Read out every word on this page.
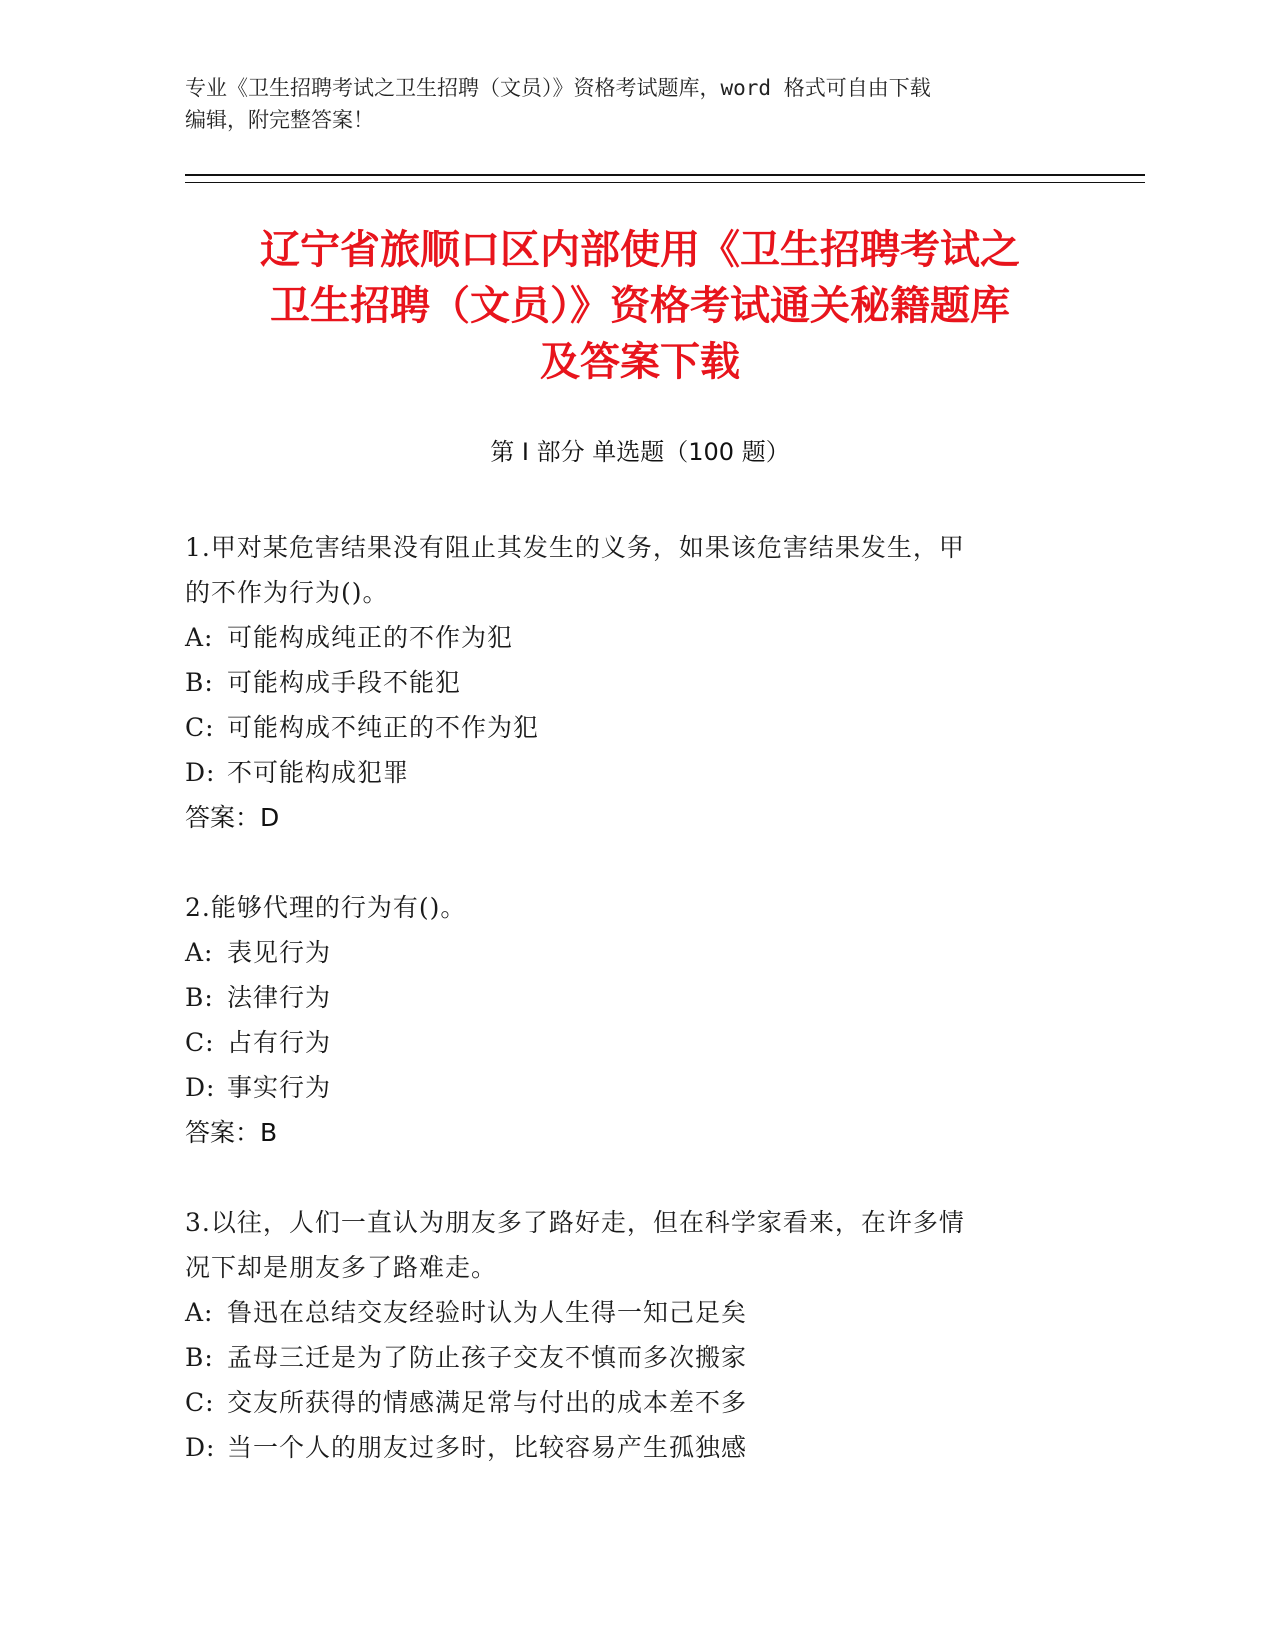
专业《卫生招聘考试之卫生招聘（文员）》资格考试题库，word 格式可自由下载
编辑，附完整答案！
辽宁省旅顺口区内部使用《卫生招聘考试之
卫生招聘（文员）》资格考试通关秘籍题库
及答案下载
第 I 部分 单选题（100 题）
1.甲对某危害结果没有阻止其发生的义务，如果该危害结果发生，甲
的不作为行为()。
A: 可能构成纯正的不作为犯
B: 可能构成手段不能犯
C: 可能构成不纯正的不作为犯
D: 不可能构成犯罪
答案：D
2.能够代理的行为有()。
A: 表见行为
B: 法律行为
C: 占有行为
D: 事实行为
答案：B
3.以往，人们一直认为朋友多了路好走，但在科学家看来，在许多情
况下却是朋友多了路难走。
A: 鲁迅在总结交友经验时认为人生得一知己足矣
B: 孟母三迁是为了防止孩子交友不慎而多次搬家
C: 交友所获得的情感满足常与付出的成本差不多
D: 当一个人的朋友过多时，比较容易产生孤独感
